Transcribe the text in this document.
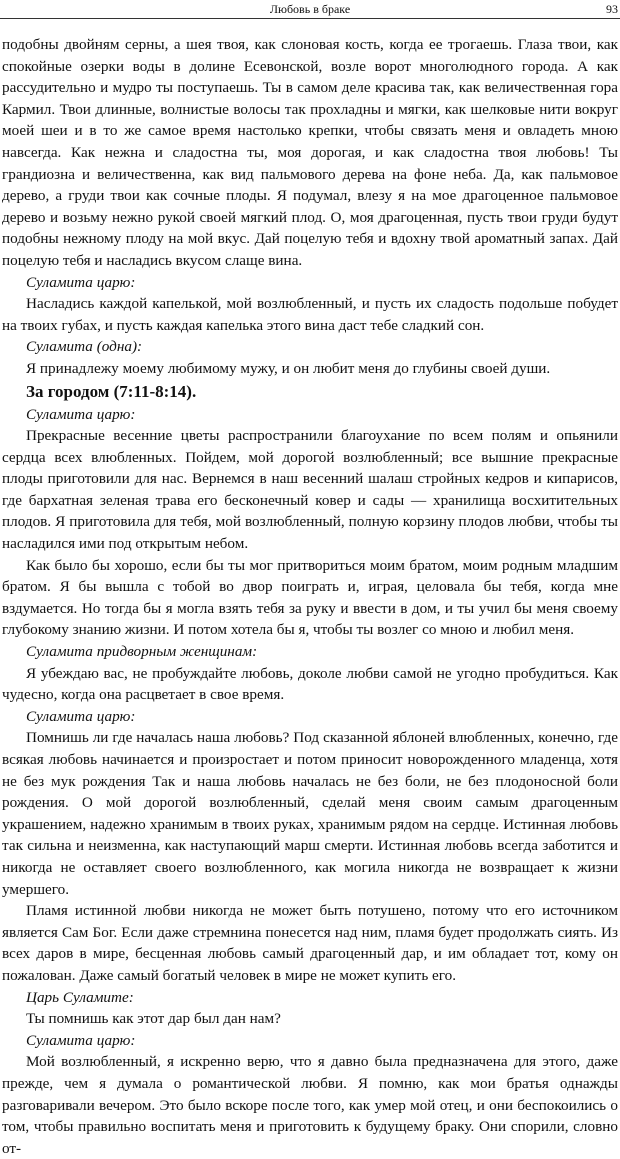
Любовь в браке	93

подобны двойням серны, а шея твоя, как слоновая кость, когда ее трогаешь. Глаза твои, как спокойные озерки воды в долине Есевонской, возле ворот многолюдного города. А как рассудительно и мудро ты поступаешь. Ты в самом деле красива так, как величественная гора Кармил. Твои длинные, волнистые волосы так прохладны и мягки, как шелковые нити вокруг моей шеи и в то же самое время настолько крепки, чтобы связать меня и овладеть мною навсегда. Как нежна и сладостна ты, моя дорогая, и как сладостна твоя любовь! Ты грандиозна и величественна, как вид пальмового дерева на фоне неба. Да, как пальмовое дерево, а груди твои как сочные плоды. Я подумал, влезу я на мое драгоценное пальмовое дерево и возьму нежно рукой своей мягкий плод. О, моя драгоценная, пусть твои груди будут подобны нежному плоду на мой вкус. Дай поцелую тебя и вдохну твой ароматный запах. Дай поцелую тебя и насладись вкусом слаще вина.

Суламита царю:

Насладись каждой капелькой, мой возлюбленный, и пусть их сладость подольше побудет на твоих губах, и пусть каждая капелька этого вина даст тебе сладкий сон.

Суламита (одна):

Я принадлежу моему любимому мужу, и он любит меня до глубины своей души.

За городом (7:11-8:14).
Суламита царю:

Прекрасные весенние цветы распространили благоухание по всем полям и опьянили сердца всех влюбленных. Пойдем, мой дорогой возлюбленный; все вышние прекрасные плоды приготовили для нас. Вернемся в наш весенний шалаш стройных кедров и кипарисов, где бархатная зеленая трава его бесконечный ковер и сады — хранилища восхитительных плодов. Я приготовила для тебя, мой возлюбленный, полную корзину плодов любви, чтобы ты насладился ими под открытым небом.

Как было бы хорошо, если бы ты мог притвориться моим братом, моим родным младшим братом. Я бы вышла с тобой во двор поиграть и, играя, целовала бы тебя, когда мне вздумается. Но тогда бы я могла взять тебя за руку и ввести в дом, и ты учил бы меня своему глубокому знанию жизни. И потом хотела бы я, чтобы ты возлег со мною и любил меня.

Суламита придворным женщинам:

Я убеждаю вас, не пробуждайте любовь, доколе любви самой не угодно пробудиться. Как чудесно, когда она расцветает в свое время.

Суламита царю:

Помнишь ли где началась наша любовь? Под сказанной яблоней влюбленных, конечно, где всякая любовь начинается и произростает и потом приносит новорожденного младенца, хотя не без мук рождения Так и наша любовь началась не без боли, не без плодоносной боли рождения. О мой дорогой возлюбленный, сделай меня своим самым драгоценным украшением, надежно хранимым в твоих руках, хранимым рядом на сердце. Истинная любовь так сильна и неизменна, как наступающий марш смерти. Истинная любовь всегда заботится и никогда не оставляет своего возлюбленного, как могила никогда не возвращает к жизни умершего.

Пламя истинной любви никогда не может быть потушено, потому что его источником является Сам Бог. Если даже стремнина понесется над ним, пламя будет продолжать сиять. Из всех даров в мире, бесценная любовь самый драгоценный дар, и им обладает тот, кому он пожалован. Даже самый богатый человек в мире не может купить его.

Царь Суламите:

Ты помнишь как этот дар был дан нам?

Суламита царю:

Мой возлюбленный, я искренно верю, что я давно была предназначена для этого, даже прежде, чем я думала о романтической любви. Я помню, как мои братья однажды разговаривали вечером. Это было вскоре после того, как умер мой отец, и они беспокоились о том, чтобы правильно воспитать меня и приготовить к будущему браку. Они спорили, словно от-
